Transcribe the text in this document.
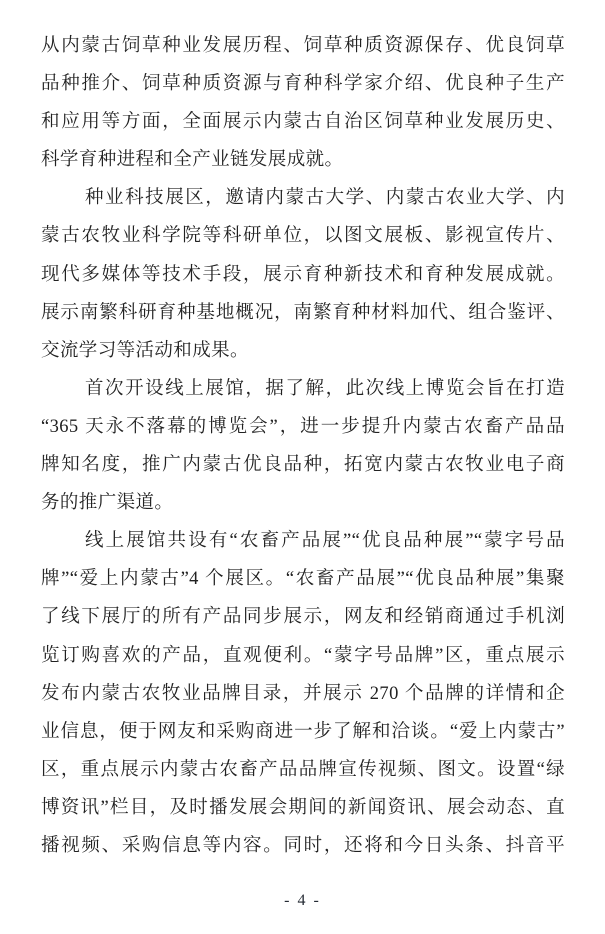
从内蒙古饲草种业发展历程、饲草种质资源保存、优良饲草
品种推介、饲草种质资源与育种科学家介绍、优良种子生产
和应用等方面，全面展示内蒙古自治区饲草种业发展历史、
科学育种进程和全产业链发展成就。
种业科技展区，邀请内蒙古大学、内蒙古农业大学、内
蒙古农牧业科学院等科研单位，以图文展板、影视宣传片、
现代多媒体等技术手段，展示育种新技术和育种发展成就。
展示南繁科研育种基地概况，南繁育种材料加代、组合鉴评、
交流学习等活动和成果。
首次开设线上展馆，据了解，此次线上博览会旨在打造
“365 天永不落幕的博览会”，进一步提升内蒙古农畜产品品
牌知名度，推广内蒙古优良品种，拓宽内蒙古农牧业电子商
务的推广渠道。
线上展馆共设有“农畜产品展”“优良品种展”“蒙字号品
牌”“爱上内蒙古”4 个展区。“农畜产品展”“优良品种展”集聚
了线下展厅的所有产品同步展示，网友和经销商通过手机浏
览订购喜欢的产品，直观便利。“蒙字号品牌”区，重点展示
发布内蒙古农牧业品牌目录，并展示 270 个品牌的详情和企
业信息，便于网友和采购商进一步了解和洽谈。“爱上内蒙古”
区，重点展示内蒙古农畜产品品牌宣传视频、图文。设置“绿
博资讯”栏目，及时播发展会期间的新闻资讯、展会动态、直
播视频、采购信息等内容。同时，还将和今日头条、抖音平
- 4 -
